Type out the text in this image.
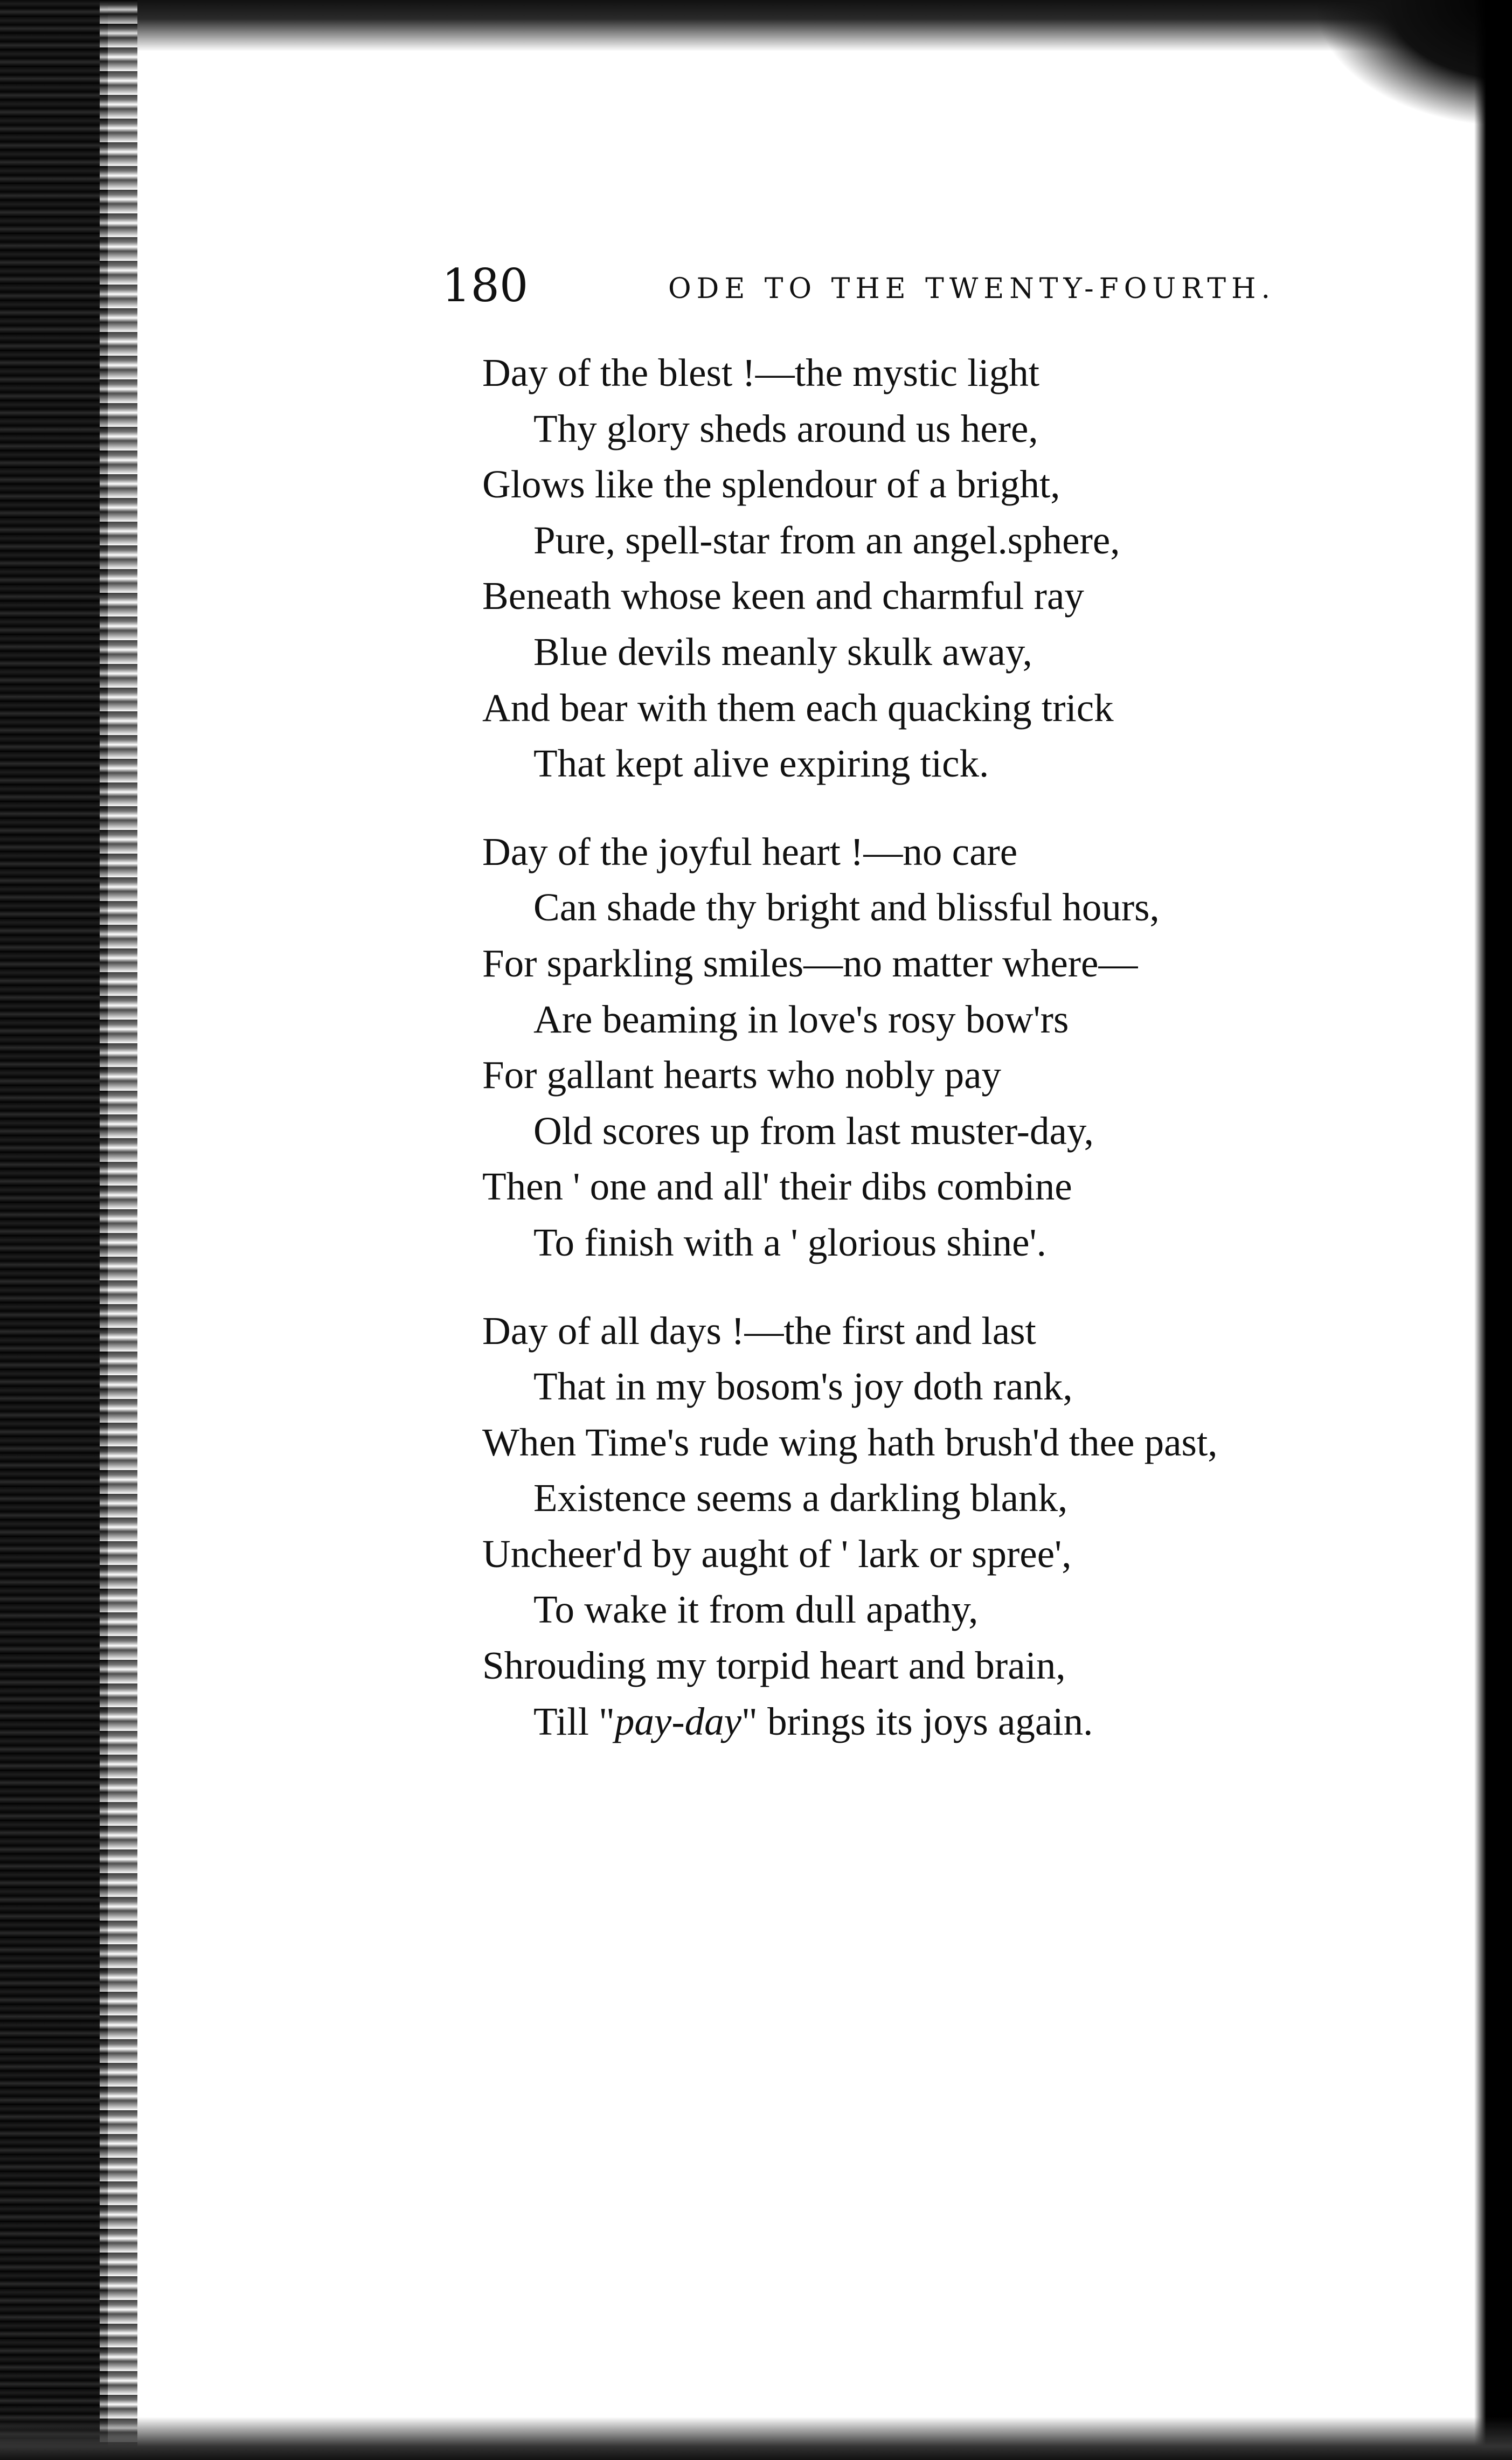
180	ODE TO THE TWENTY-FOURTH.
Day of the blest !—the mystic light
Thy glory sheds around us here,
Glows like the splendour of a bright,
Pure, spell-star from an angel.sphere,
Beneath whose keen and charmful ray
Blue devils meanly skulk away,
And bear with them each quacking trick
That kept alive expiring tick.
Day of the joyful heart !—no care
Can shade thy bright and blissful hours,
For sparkling smiles—no matter where—
Are beaming in love's rosy bow'rs
For gallant hearts who nobly pay
Old scores up from last muster-day,
Then ' one and all' their dibs combine
To finish with a ' glorious shine'.
Day of all days !—the first and last
That in my bosom's joy doth rank,
When Time's rude wing hath brush'd thee past,
Existence seems a darkling blank,
Uncheer'd by aught of ' lark or spree',
To wake it from dull apathy,
Shrouding my torpid heart and brain,
Till "pay-day" brings its joys again.
